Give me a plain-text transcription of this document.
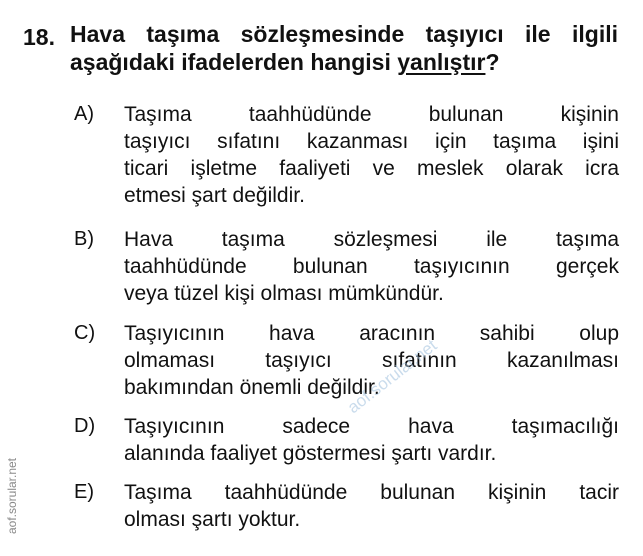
18. Hava taşıma sözleşmesinde taşıyıcı ile ilgili
aşağıdaki ifadelerden hangisi yanlıştır?
A) Taşıma taahhüdünde bulunan kişinin
taşıyıcı sıfatını kazanması için taşıma işini
ticari işletme faaliyeti ve meslek olarak icra
etmesi şart değildir.
B) Hava taşıma sözleşmesi ile taşıma
taahhüdünde bulunan taşıyıcının gerçek
veya tüzel kişi olması mümkündür.
C) Taşıyıcının hava aracının sahibi olup
olmaması taşıyıcı sıfatının kazanılması
bakımından önemli değildir.
D) Taşıyıcının sadece hava taşımacılığı
alanında faaliyet göstermesi şartı vardır.
E) Taşıma taahhüdünde bulunan kişinin tacir
olması şartı yoktur.
aof.sorular.net
aof.sorular.net
